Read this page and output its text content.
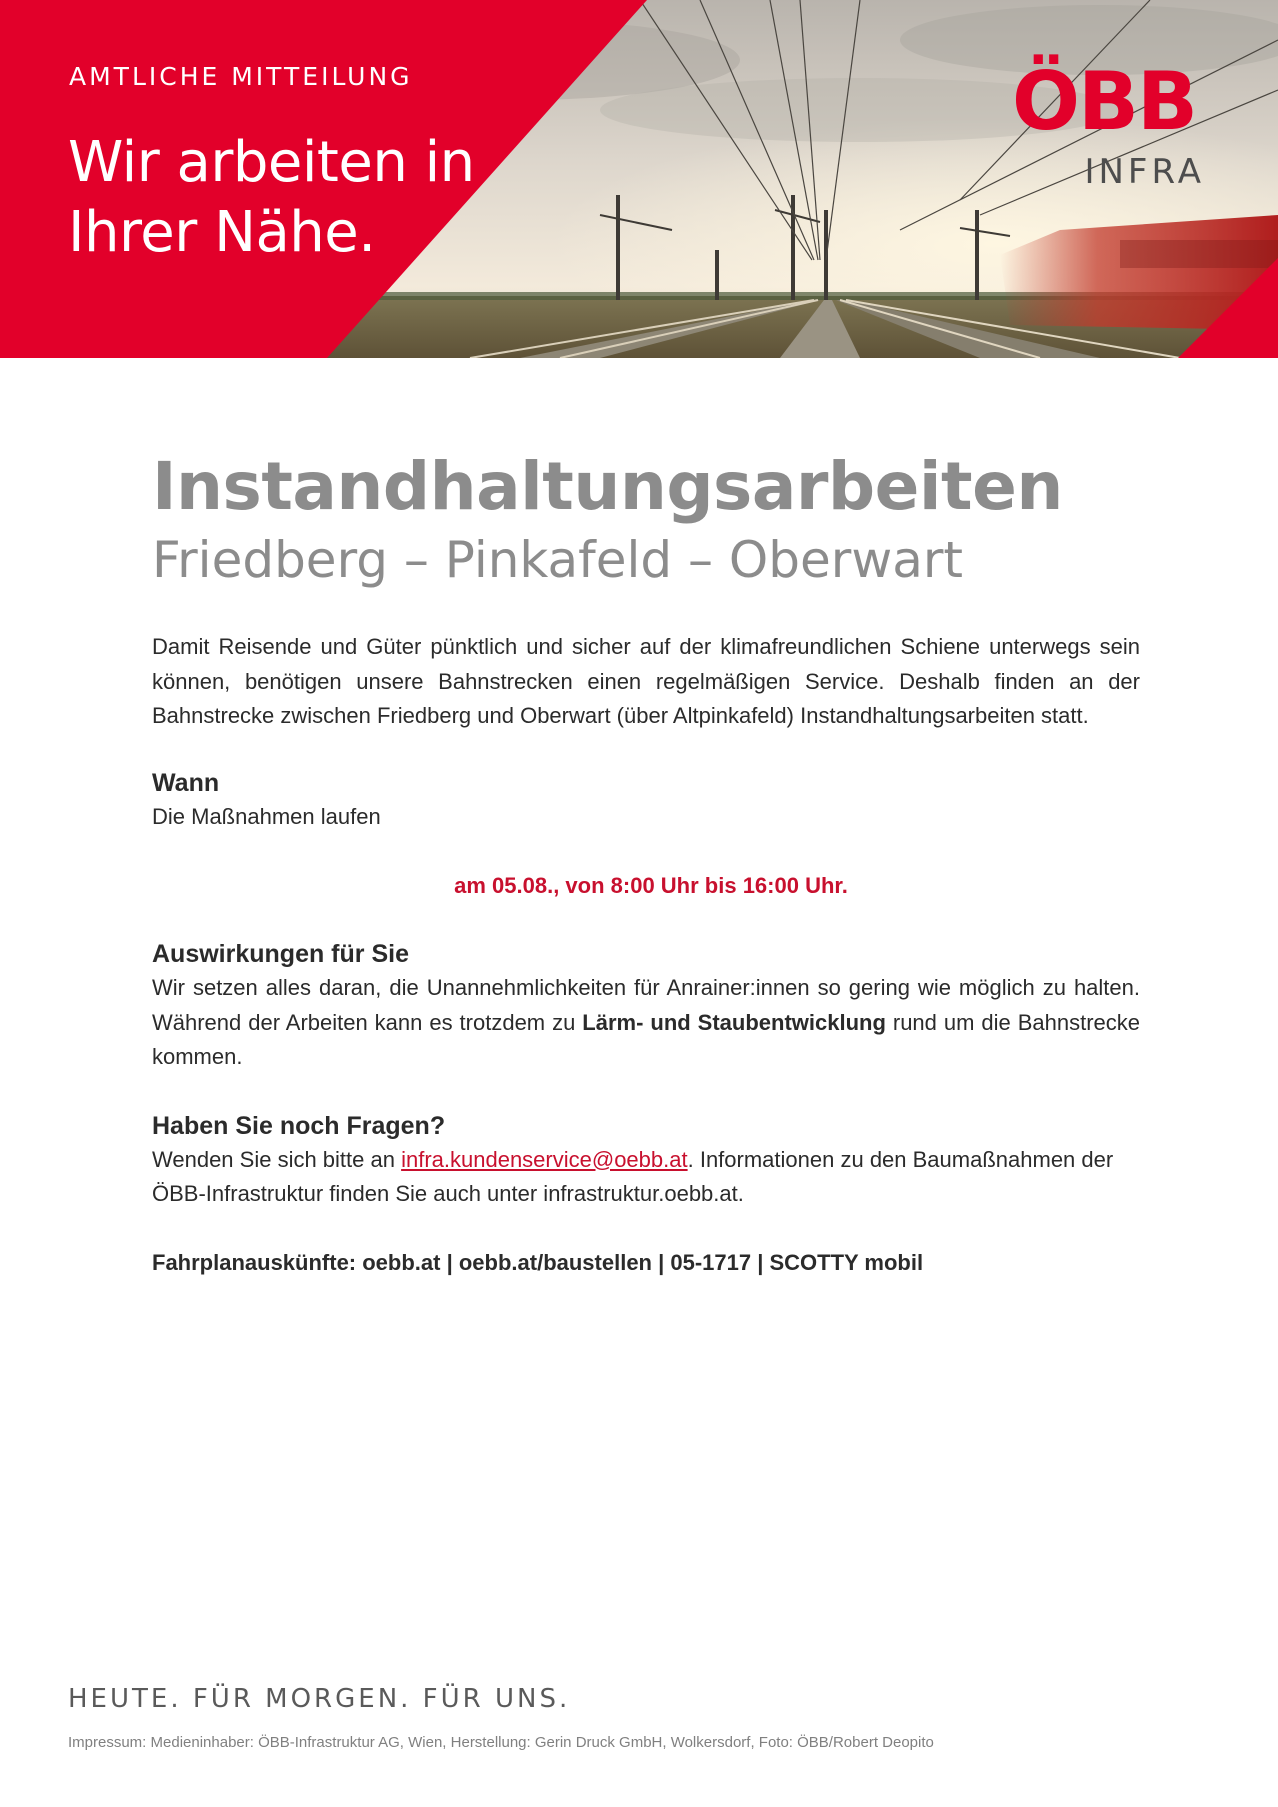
AMTLICHE MITTEILUNG
Wir arbeiten in
Ihrer Nähe.
ÖBB
INFRA
Instandhaltungsarbeiten
Friedberg – Pinkafeld – Oberwart

Damit Reisende und Güter pünktlich und sicher auf der klimafreundlichen Schiene unterwegs sein können, benötigen unsere Bahnstrecken einen regelmäßigen Service. Deshalb finden an der Bahnstrecke zwischen Friedberg und Oberwart (über Altpinkafeld) Instandhaltungsarbeiten statt.

Wann

Die Maßnahmen laufen

am 05.08., von 8:00 Uhr bis 16:00 Uhr.

Auswirkungen für Sie

Wir setzen alles daran, die Unannehmlichkeiten für Anrainer:innen so gering wie möglich zu halten. Während der Arbeiten kann es trotzdem zu Lärm- und Staubentwicklung rund um die Bahnstrecke kommen.

Haben Sie noch Fragen?

Wenden Sie sich bitte an infra.kundenservice@oebb.at. Informationen zu den Baumaßnahmen der ÖBB-Infrastruktur finden Sie auch unter infrastruktur.oebb.at.

Fahrplanauskünfte: oebb.at | oebb.at/baustellen | 05-1717 | SCOTTY mobil

HEUTE. FÜR MORGEN. FÜR UNS.
Impressum: Medieninhaber: ÖBB-Infrastruktur AG, Wien, Herstellung: Gerin Druck GmbH, Wolkersdorf, Foto: ÖBB/Robert Deopito
